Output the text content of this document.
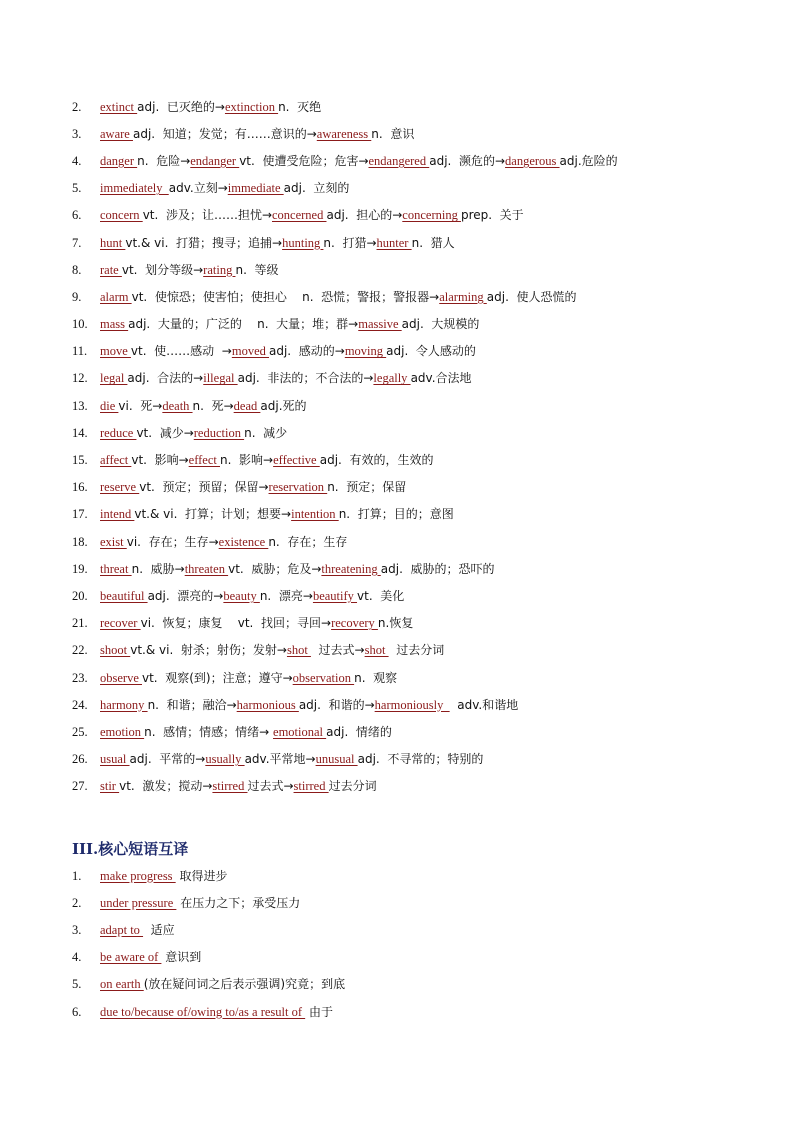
2.	extinct adj.  已灭绝的→ extinction n.  灭绝
3.	aware adj.  知道；发觉；有……意识的→ awareness n.  意识
4.	danger n.  危险→ endanger vt.  使遭受危险；危害→ endangered adj.  濒危的→ dangerous adj.危险的
5.	immediately adv.立刻→ immediate adj.  立刻的
6.	concern vt.  涉及；让……担忧→ concerned adj.  担心的→ concerning prep.  关于
7.	hunt vt.& vi.  打猎；搜寻；追捕→ hunting n.  打猎→ hunter n.  猎人
8.	rate vt.  划分等级→ rating n.  等级
9.	alarm vt.  使惊恐；使害怕；使担心    n.  恐慌；警报；警报器→ alarming adj.  使人恐慌的
10. mass adj.  大量的；广泛的    n.  大量；堆；群→ massive adj.  大规模的
11.	move vt.  使……感动  → moved adj.  感动的→ moving adj.  令人感动的
12. legal adj.  合法的→ illegal adj.  非法的；不合法的→ legally adv.合法地
13. die vi.  死→ death n.  死→ dead adj.死的
14. reduce vt.  减少→ reduction n.  减少
15. affect vt.  影响→ effect n.  影响→ effective adj.  有效的，生效的
16. reserve vt.  预定；预留；保留→ reservation n.  预定；保留
17. intend vt.& vi.  打算；计划；想要→ intention n.  打算；目的；意图
18. exist vi.  存在；生存→ existence n.  存在；生存
19. threat n.  威胁→ threaten vt.  威胁；危及→ threatening adj.  威胁的；恐吓的
20. beautiful adj.  漂亮的→ beauty n.  漂亮→ beautify vt.  美化
21. recover vi.  恢复；康复    vt.  找回；寻回→ recovery n.恢复
22. shoot vt.& vi.  射杀；射伤；发射→ shot 过去式→ shot 过去分词
23. observe vt.  观察(到)；注意；遵守→ observation n.  观察
24. harmony n.  和谐；融洽→ harmonious adj.  和谐的→ harmoniously adv.和谐地
25. emotion n.  感情；情感；情绪→ emotional adj.  情绪的
26. usual adj.  平常的→ usually adv.平常地→ unusual adj.  不寻常的；特别的
27. stir vt.  激发；搅动→ stirred 过去式→ stirred 过去分词
III.核心短语互译
1.	make progress 取得进步
2.	under pressure 在压力之下；承受压力
3.	adapt to 适应
4.	be aware of 意识到
5.	on earth (放在疑问词之后表示强调)究竟；到底
6.	due to/because of/owing to/as a result of 由于
